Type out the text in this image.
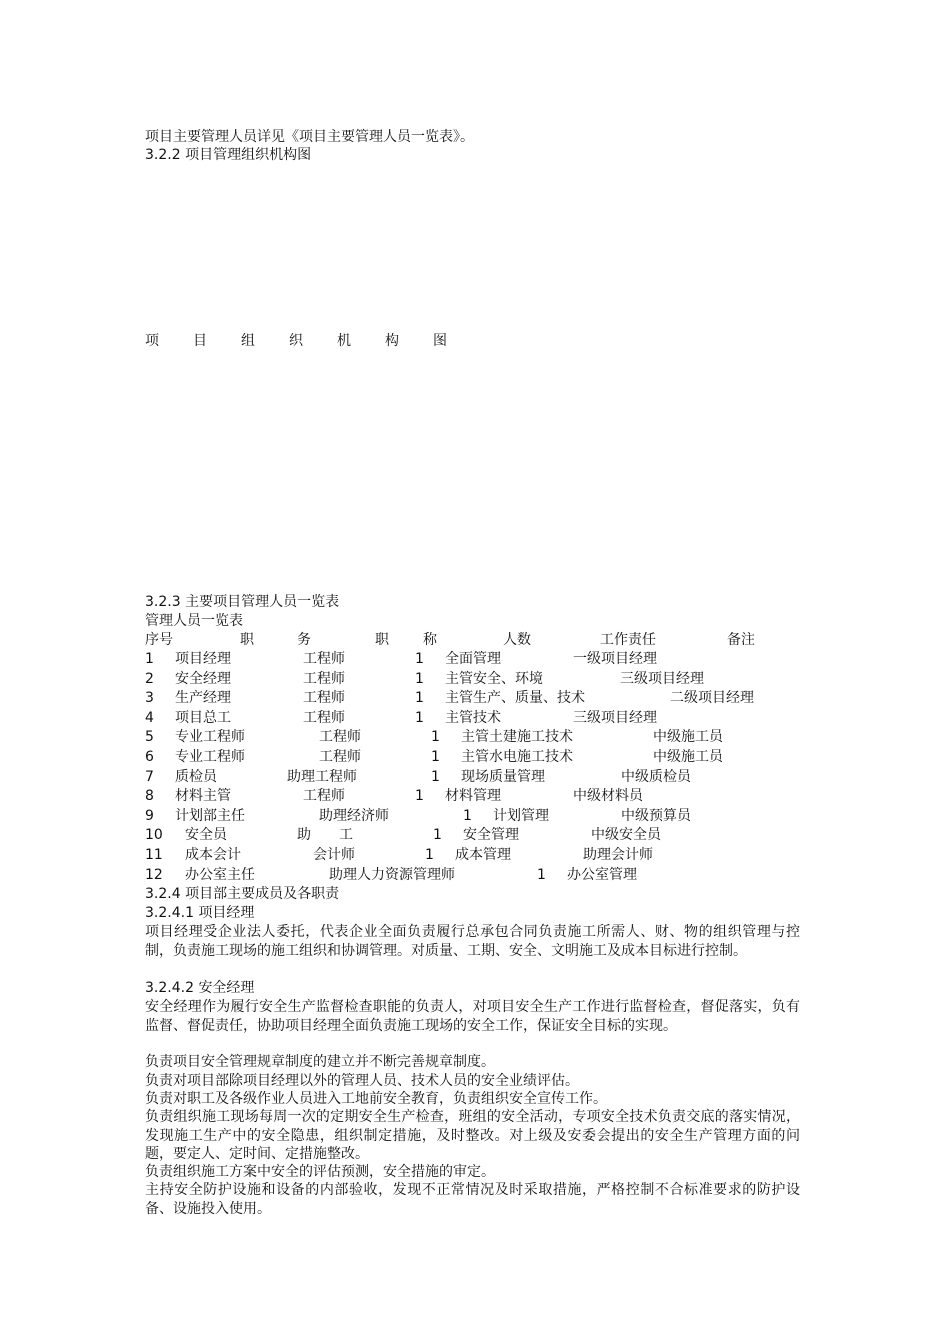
项目主要管理人员详见《项目主要管理人员一览表》。
3.2.2 项目管理组织机构图
项 目 组 织 机 构 图
3.2.3 主要项目管理人员一览表
管理人员一览表
序号	职	务	职 称	人数	工作责任	备注
1 项目经理	工程师	1 全面管理	一级项目经理
2 安全经理	工程师	1 主管安全、环境	三级项目经理
3 生产经理	工程师	1 主管生产、质量、技术	二级项目经理
4 项目总工	工程师	1 主管技术	三级项目经理
5 专业工程师	工程师	1 主管土建施工技术	中级施工员
6 专业工程师	工程师	1 主管水电施工技术	中级施工员
7 质检员	助理工程师	1 现场质量管理	中级质检员
8 材料主管	工程师	1 材料管理	中级材料员
9 计划部主任	助理经济师	1 计划管理	中级预算员
10 安全员	助　　工	1 安全管理	中级安全员
11 成本会计	会计师	1 成本管理	助理会计师
12 办公室主任	助理人力资源管理师	1 办公室管理
3.2.4 项目部主要成员及各职责
3.2.4.1 项目经理
项目经理受企业法人委托，代表企业全面负责履行总承包合同负责施工所需人、财、物的组织管理与控制，负责施工现场的施工组织和协调管理。对质量、工期、安全、文明施工及成本目标进行控制。
3.2.4.2 安全经理
安全经理作为履行安全生产监督检查职能的负责人，对项目安全生产工作进行监督检查，督促落实，负有监督、督促责任，协助项目经理全面负责施工现场的安全工作，保证安全目标的实现。
负责项目安全管理规章制度的建立并不断完善规章制度。
负责对项目部除项目经理以外的管理人员、技术人员的安全业绩评估。
负责对职工及各级作业人员进入工地前安全教育，负责组织安全宣传工作。
负责组织施工现场每周一次的定期安全生产检查，班组的安全活动，专项安全技术负责交底的落实情况，发现施工生产中的安全隐患，组织制定措施，及时整改。对上级及安委会提出的安全生产管理方面的问题，要定人、定时间、定措施整改。
负责组织施工方案中安全的评估预测，安全措施的审定。
主持安全防护设施和设备的内部验收，发现不正常情况及时采取措施，严格控制不合标准要求的防护设备、设施投入使用。
